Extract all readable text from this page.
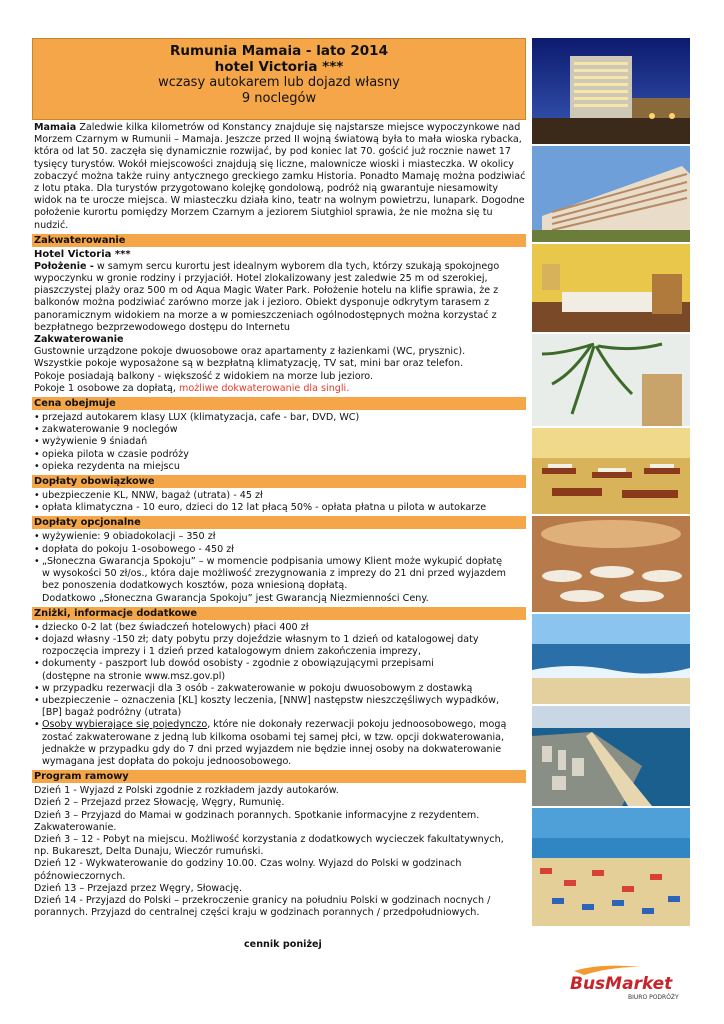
Rumunia Mamaia - lato 2014

hotel Victoria ***

wczasy autokarem lub dojazd własny

9 noclegów

Mamaia Zaledwie kilka kilometrów od Konstancy znajduje się najstarsze miejsce wypoczynkowe nad Morzem Czarnym w Rumunii – Mamaja. Jeszcze przed II wojną światową była to mała wioska rybacka, która od lat 50. zaczęła się dynamicznie rozwijać, by pod koniec lat 70. gościć już rocznie nawet 17 tysięcy turystów. Wokół miejscowości znajdują się liczne, malownicze wioski i miasteczka. W okolicy zobaczyć można także ruiny antycznego greckiego zamku Historia. Ponadto Mamaję można podziwiać z lotu ptaka. Dla turystów przygotowano kolejkę gondolową, podróż nią gwarantuje niesamowity widok na te urocze miejsca. W miasteczku działa kino, teatr na wolnym powietrzu, lunapark. Dogodne położenie kurortu pomiędzy Morzem Czarnym a jeziorem Siutghiol sprawia, że nie można się tu nudzić.

Zakwaterowanie

Hotel Victoria ***

Położenie - w samym sercu kurortu jest idealnym wyborem dla tych, którzy szukają spokojnego wypoczynku w gronie rodziny i przyjaciół. Hotel zlokalizowany jest zaledwie 25 m od szerokiej, piaszczystej plaży oraz 500 m od Aqua Magic Water Park. Położenie hotelu na klifie sprawia, że z balkonów można podziwiać zarówno morze jak i jezioro. Obiekt dysponuje odkrytym tarasem z panoramicznym widokiem na morze a w pomieszczeniach ogólnodostępnych można korzystać z bezpłatnego bezprzewodowego dostępu do Internetu

Zakwaterowanie

Gustownie urządzone pokoje dwuosobowe oraz apartamenty z łazienkami (WC, prysznic).

Wszystkie pokoje wyposażone są w bezpłatną klimatyzację, TV sat, mini bar oraz telefon.

Pokoje posiadają balkony - większość z widokiem na morze lub jezioro.

Pokoje 1 osobowe za dopłatą, możliwe dokwaterowanie dla singli.

Cena obejmuje
• przejazd autokarem klasy LUX (klimatyzacja, cafe - bar, DVD, WC)
• zakwaterowanie 9 noclegów
• wyżywienie 9 śniadań
• opieka pilota w czasie podróży
• opieka rezydenta na miejscu
Dopłaty obowiązkowe
• ubezpieczenie KL, NNW, bagaż (utrata) - 45 zł
• opłata klimatyczna - 10 euro, dzieci do 12 lat płacą 50% - opłata płatna u pilota w autokarze
Dopłaty opcjonalne
• wyżywienie: 9 obiadokolacji – 350 zł
• dopłata do pokoju 1-osobowego - 450 zł
• „Słoneczna Gwarancja Spokoju” – w momencie podpisania umowy Klient może wykupić dopłatę
w wysokości 50 zł/os., która daje możliwość zrezygnowania z imprezy do 21 dni przed wyjazdem
bez ponoszenia dodatkowych kosztów, poza wniesioną dopłatą.
Dodatkowo „Słoneczna Gwarancja Spokoju” jest Gwarancją Niezmienności Ceny.
Zniżki, informacje dodatkowe
• dziecko 0-2 lat (bez świadczeń hotelowych) płaci 400 zł
• dojazd własny -150 zł; daty pobytu przy dojeździe własnym to 1 dzień od katalogowej daty
rozpoczęcia imprezy i 1 dzień przed katalogowym dniem zakończenia imprezy,
• dokumenty - paszport lub dowód osobisty - zgodnie z obowiązującymi przepisami
(dostępne na stronie www.msz.gov.pl)
• w przypadku rezerwacji dla 3 osób - zakwaterowanie w pokoju dwuosobowym z dostawką
• ubezpieczenie – oznaczenia [KL] koszty leczenia, [NNW] następstw nieszczęśliwych wypadków,
[BP] bagaż podróżny (utrata)
• Osoby wybierające się pojedynczo, które nie dokonały rezerwacji pokoju jednoosobowego, mogą
zostać zakwaterowane z jedną lub kilkoma osobami tej samej płci, w tzw. opcji dokwaterowania,
jednakże w przypadku gdy do 7 dni przed wyjazdem nie będzie innej osoby na dokwaterowanie
wymagana jest dopłata do pokoju jednoosobowego.
Program ramowy

Dzień 1 - Wyjazd z Polski zgodnie z rozkładem jazdy autokarów.

Dzień 2 – Przejazd przez Słowację, Węgry, Rumunię.

Dzień 3 – Przyjazd do Mamai w godzinach porannych. Spotkanie informacyjne z rezydentem.

Zakwaterowanie.

Dzień 3 – 12 - Pobyt na miejscu. Możliwość korzystania z dodatkowych wycieczek fakultatywnych,

np. Bukareszt, Delta Dunaju, Wieczór rumuński.

Dzień 12 - Wykwaterowanie do godziny 10.00. Czas wolny. Wyjazd do Polski w godzinach

późnowieczornych.

Dzień 13 – Przejazd przez Węgry, Słowację.

Dzień 14 - Przyjazd do Polski – przekroczenie granicy na południu Polski w godzinach nocnych /

porannych. Przyjazd do centralnej części kraju w godzinach porannych / przedpołudniowych.

cennik poniżej

BusMarket
BIURO PODRÓŻY
